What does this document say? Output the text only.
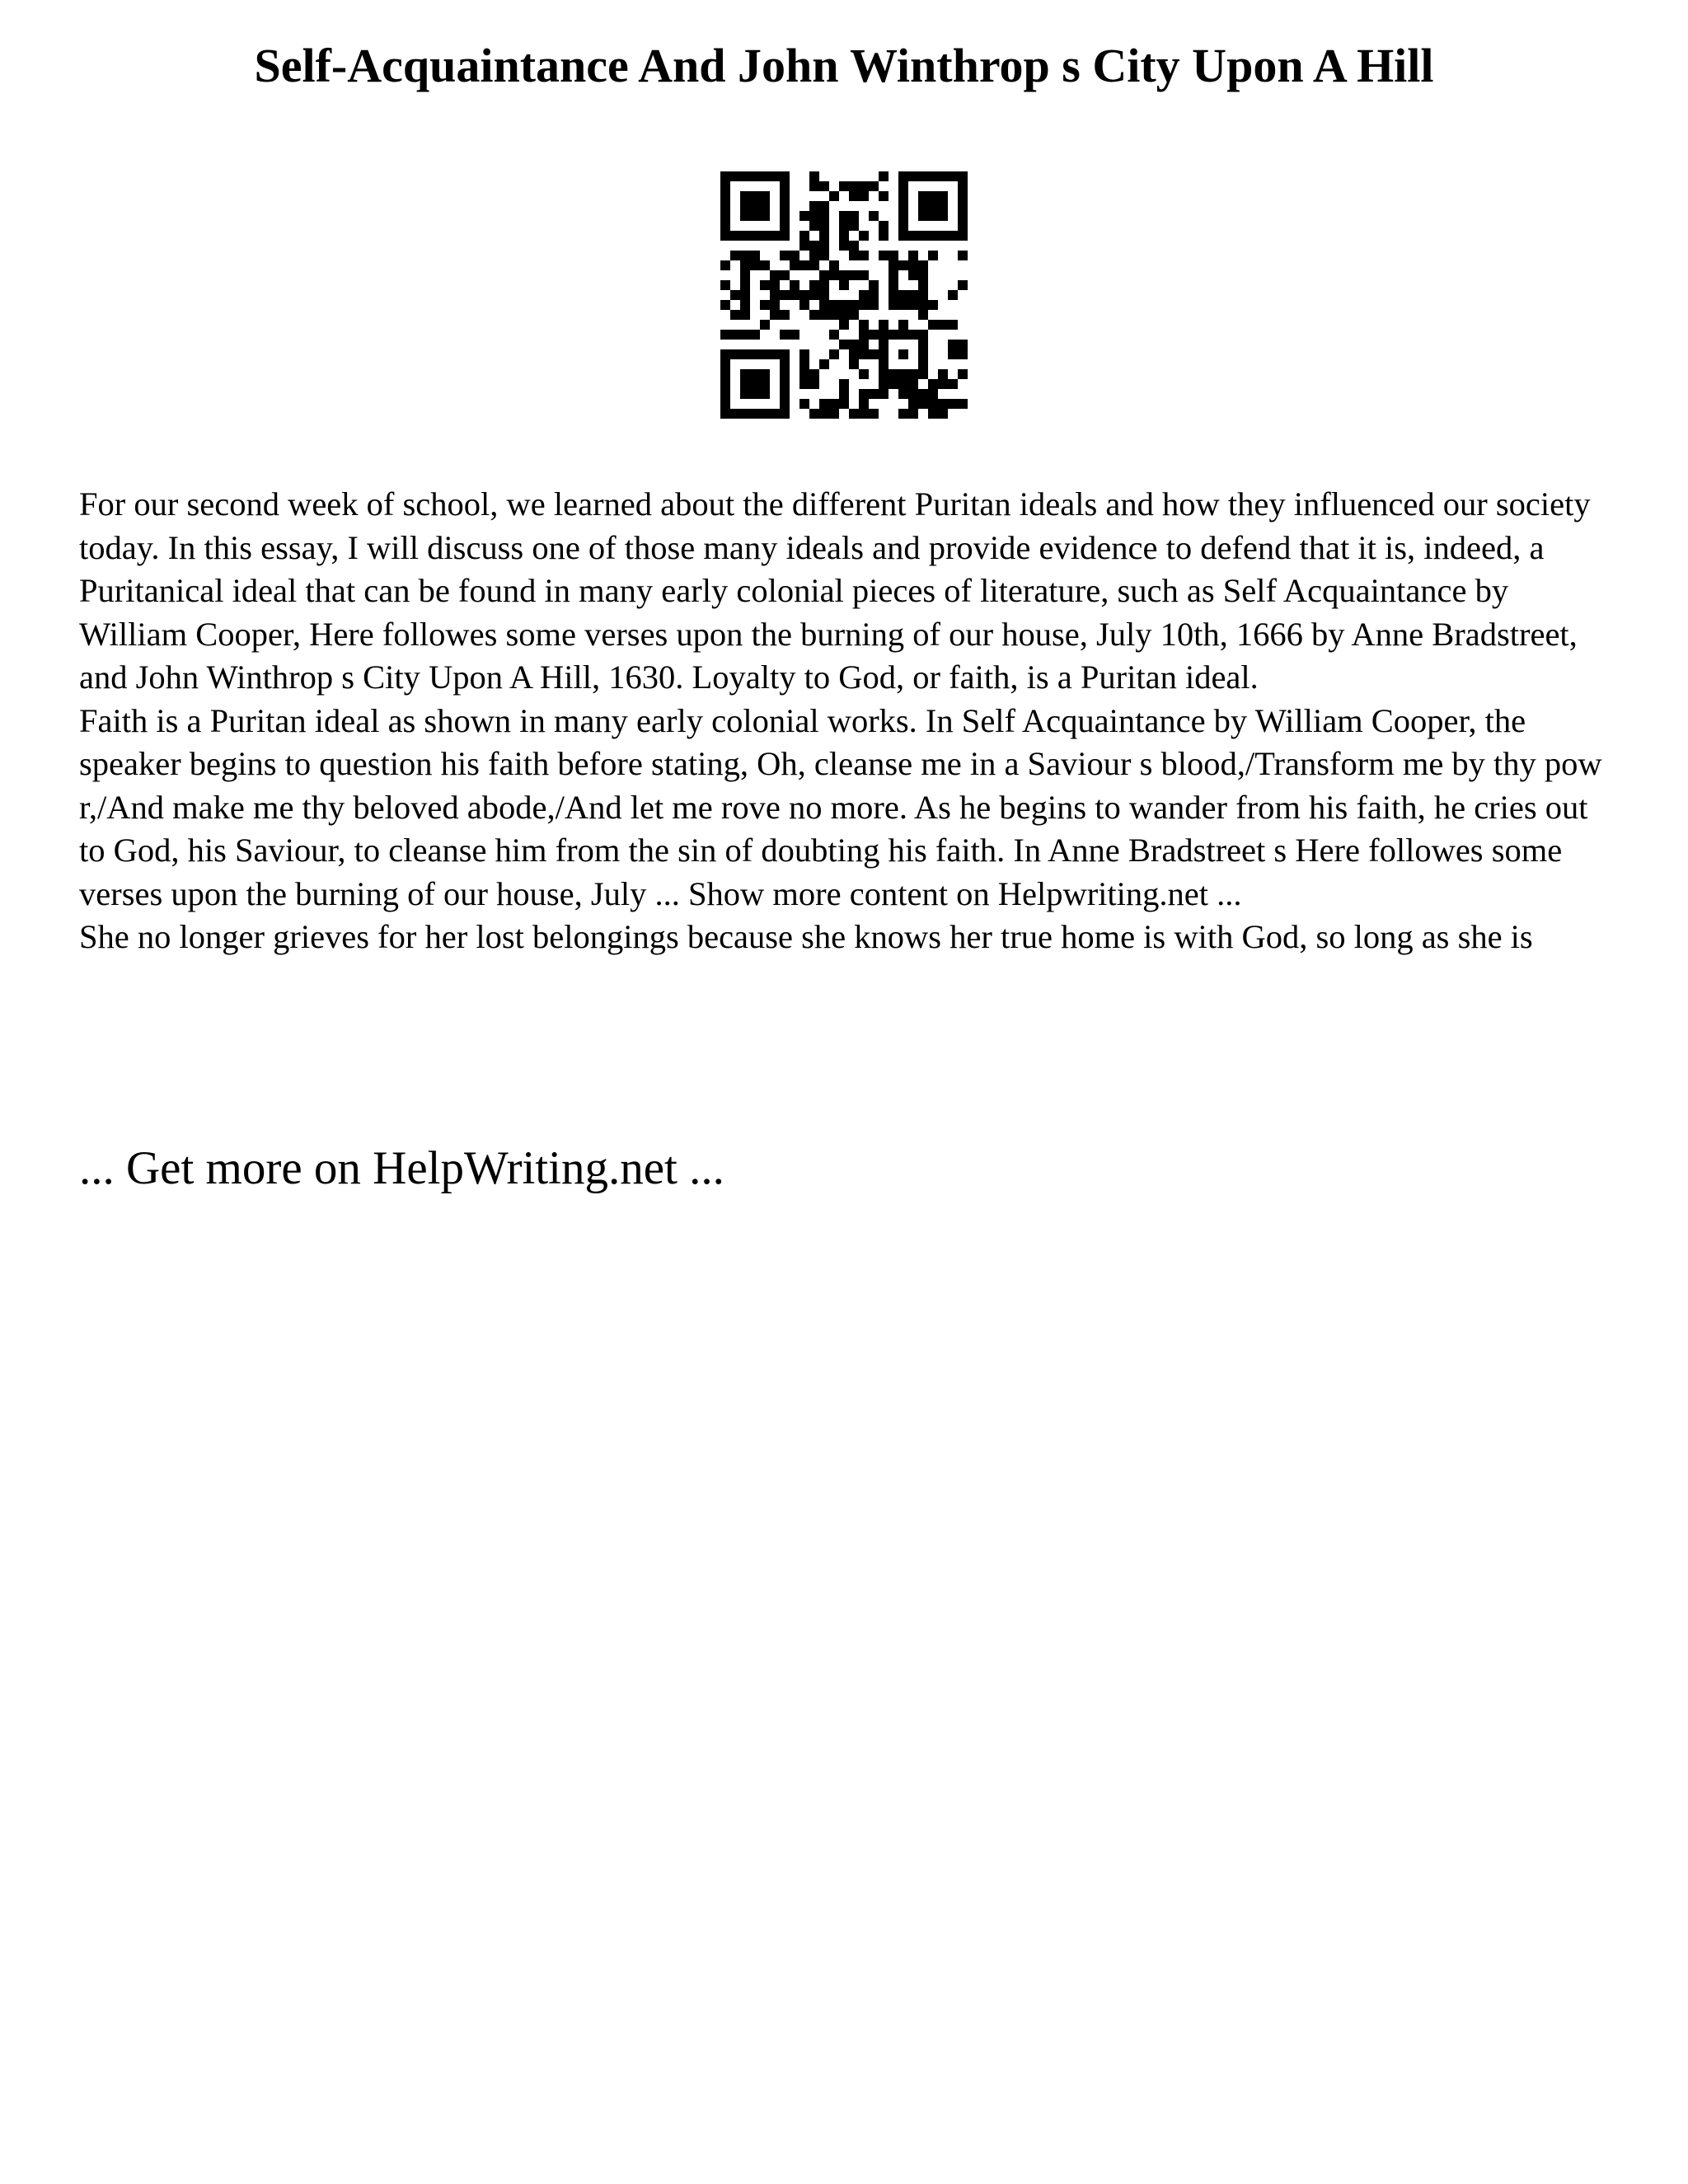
Self-Acquaintance And John Winthrop s City Upon A Hill

For our second week of school, we learned about the different Puritan ideals and how they influenced our society today. In this essay, I will discuss one of those many ideals and provide evidence to defend that it is, indeed, a Puritanical ideal that can be found in many early colonial pieces of literature, such as Self Acquaintance by William Cooper, Here followes some verses upon the burning of our house, July 10th, 1666 by Anne Bradstreet, and John Winthrop s City Upon A Hill, 1630. Loyalty to God, or faith, is a Puritan ideal.

Faith is a Puritan ideal as shown in many early colonial works. In Self Acquaintance by William Cooper, the speaker begins to question his faith before stating, Oh, cleanse me in a Saviour s blood,/Transform me by thy pow r,/And make me thy beloved abode,/And let me rove no more. As he begins to wander from his faith, he cries out to God, his Saviour, to cleanse him from the sin of doubting his faith. In Anne Bradstreet s Here followes some verses upon the burning of our house, July ... Show more content on Helpwriting.net ...

She no longer grieves for her lost belongings because she knows her true home is with God, so long as she is

... Get more on HelpWriting.net ...
